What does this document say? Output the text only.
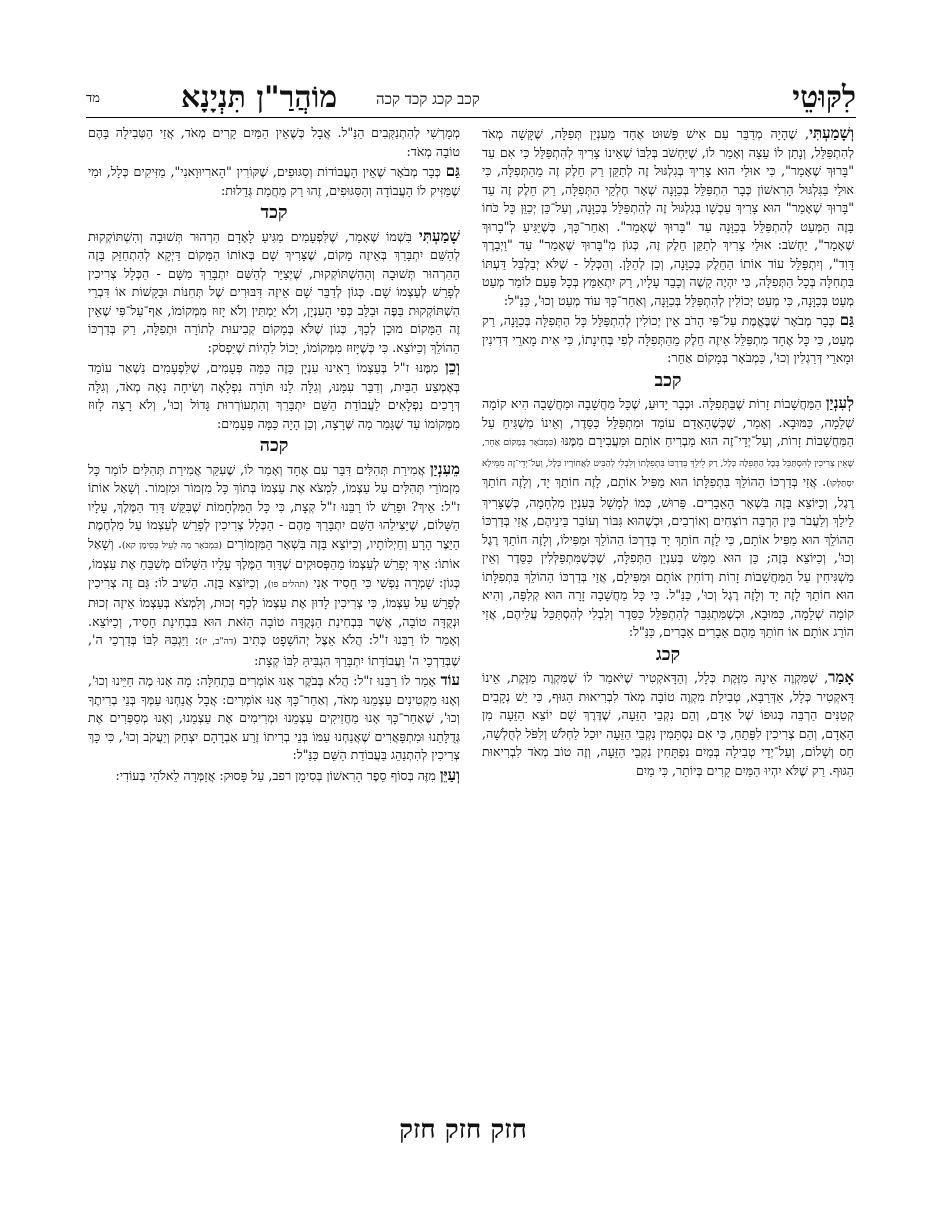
לִקּוּטֵי
קכב קכג קכד קכה
מוֹהֲרַ"ן תִּנְיָנָא
מד

וְשָׁמַעְתִּי, שֶׁהָיָה מְדַבֵּר עִם אִישׁ פָּשׁוּט אֶחָד מֵעִנְיַן תְּפִלָּה, שֶׁקָּשָׁה מְאֹד לְהִתְפַּלֵּל, וְנָתַן לוֹ עֵצָה וְאָמַר לוֹ, שֶׁיַּחְשֹׁב בְּלִבּוֹ שֶׁאֵינוֹ צָרִיךְ לְהִתְפַּלֵּל כִּי אִם עַד "בָּרוּךְ שֶׁאָמַר", כִּי אוּלַי הוּא צָרִיךְ בְּגִלְגּוּל זֶה לְתַקֵּן רַק חֵלֶק זֶה מֵהַתְּפִלָּה, כִּי אוּלַי בַּגִּלְגּוּל הָרִאשׁוֹן כְּבָר הִתְפַּלֵּל בְּכַוָּנָה שְׁאָר חֶלְקֵי הַתְּפִלָּה, רַק חֵלֶק זֶה עַד "בָּרוּךְ שֶׁאָמַר" הוּא צָרִיךְ עַכְשָׁו בְּגִלְגּוּל זֶה לְהִתְפַּלֵּל בְּכַוָּנָה, וְעַל־כֵּן יְכַוֵּן כָּל כֹּחוֹ בָּזֶה הַמְּעַט לְהִתְפַּלֵּל בְּכַוָּנָה עַד "בָּרוּךְ שֶׁאָמַר". וְאַחַר־כָּךְ, כְּשֶׁיַּגִּיעַ לְ"בָרוּךְ שֶׁאָמַר", יַחְשֹׁב: אוּלַי צָרִיךְ לְתַקֵּן חֵלֶק זֶה, כְּגוֹן מִ"בָּרוּךְ שֶׁאָמַר" עַד "וַיְבָרֶךְ דָּוִד", וְיִתְפַּלֵּל עוֹד אוֹתוֹ הַחֵלֶק בְּכַוָּנָה, וְכֵן לְהַלָּן. וְהַכְּלָל - שֶׁלֹּא יְבַלְבֵּל דַּעְתּוֹ בִּתְחִלָּה בְּכָל הַתְּפִלָּה, כִּי יִהְיֶה קָשֶׁה וְכָבֵד עָלָיו, רַק יִתְאַמֵּץ בְּכָל פַּעַם לוֹמַר מְעַט מְעַט בְּכַוָּנָה, כִּי מְעַט יְכוֹלִין לְהִתְפַּלֵּל בְּכַוָּנָה, וְאַחַר־כָּךְ עוֹד מְעַט וְכוּ', כַּנַּ"ל:

גַּם כְּבָר מְבֹאָר שֶׁבֶּאֱמֶת עַל־פִּי הָרֹב אֵין יְכוֹלִין לְהִתְפַּלֵּל כָּל הַתְּפִלָּה בְּכַוָּנָה, רַק מְעַט, כִּי כָּל אֶחָד מִתְפַּלֵּל אֵיזֶה חֵלֶק מֵהַתְּפִלָּה לְפִי בְּחִינָתוֹ, כִּי אִית מָארֵי דְּדִינִין וּמָארֵי דְּרַגְלִין וְכוּ', כַּמְבֹאָר בְּמָקוֹם אַחֵר:

קכב

לְעִנְיַן הַמַּחֲשָׁבוֹת זָרוֹת שֶׁבַּתְּפִלָּה. וּכְבָר יָדוּעַ, שֶׁכָּל מַחֲשָׁבָה וּמַחֲשָׁבָה הִיא קוֹמָה שְׁלֵמָה, כַּמּוּבָא. וְאָמַר, שֶׁכְּשֶׁהָאָדָם עוֹמֵד וּמִתְפַּלֵּל כַּסֵּדֶר, וְאֵינוֹ מַשְׁגִּיחַ עַל הַמַּחֲשָׁבוֹת זָרוֹת, וְעַל־יְדֵי־זֶה הוּא מַבְרִיחַ אוֹתָם וּמַעֲבִירָם מִמֶּנּוּ (כִּמְבֹאָר בְּמָקוֹם אַחֵר, שֶׁאֵין צְרִיכִין לְהִסְתַּכֵּל בְּכָל הַתְּפִלָּה כְּלָל, רַק לֵילֵךְ בְּדַרְכּוֹ בִּתְפִלָּתוֹ וְלִבְלִי לְהַבִּיט לַאֲחוֹרָיו כְּלָל, וְעַל־יְדֵי־זֶה מִמֵּילָא יִסְתַּלְּקוּ). אֲזַי בְּדַרְכּוֹ הַהוֹלֵךְ בִּתְפִלָּתוֹ הוּא מַפִּיל אוֹתָם, לָזֶה חוֹתֵךְ יָד, וְלָזֶה חוֹתֵךְ רֶגֶל, וְכַיּוֹצֵא בָּזֶה בִּשְׁאָר הָאֵבָרִים. פֵּרוּשׁ, כְּמוֹ לְמָשָׁל בְּעִנְיַן מִלְחָמָה, כְּשֶׁצָּרִיךְ לֵילֵךְ וְלַעֲבֹר בֵּין הַרְבֵּה רוֹצְחִים וְאוֹרְבִים, וּכְשֶׁהוּא גִּבּוֹר וְעוֹבֵר בֵּינֵיהֶם, אֲזַי בְּדַרְכּוֹ הַהוֹלֵךְ הוּא מַפִּיל אוֹתָם, כִּי לָזֶה חוֹתֵךְ יָד בְּדַרְכּוֹ הַהוֹלֵךְ וּמַפִּילוֹ, וְלָזֶה חוֹתֵךְ רֶגֶל וְכוּ', וְכַיּוֹצֵא בָּזֶה; כֵּן הוּא מַמָּשׁ בְּעִנְיַן הַתְּפִלָּה, שֶׁכְּשֶׁמִּתְפַּלְּלִין כַּסֵּדֶר וְאֵין מַשְׁגִּיחִין עַל הַמַּחֲשָׁבוֹת זָרוֹת וְדוֹחִין אוֹתָם וּמַפִּילָם, אֲזַי בְּדַרְכּוֹ הַהוֹלֵךְ בִּתְפִלָּתוֹ הוּא חוֹתֵךְ לָזֶה יָד וְלָזֶה רֶגֶל וְכוּ', כַּנַּ"ל. כִּי כָּל מַחֲשָׁבָה זָרָה הוּא קְלִפָּה, וְהִיא קוֹמָה שְׁלֵמָה, כַּמּוּבָא, וּכְשֶׁמִּתְגַּבֵּר לְהִתְפַּלֵּל כַּסֵּדֶר וְלִבְלִי לְהִסְתַּכֵּל עֲלֵיהֶם, אֲזַי הוֹרֵג אוֹתָם אוֹ חוֹתֵךְ מֵהֶם אֵבָרִים אֵבָרִים, כַּנַּ"ל:

קכג

אָמַר, שֶׁמִּקְוֶה אֵינָהּ מַזֶּקֶת כְּלָל, וְהַדָּאקְטִיר שֶׁיֹּאמַר לוֹ שֶׁמִּקְוֶה מַזֶּקֶת, אֵינוֹ דָּאקְטִיר כְּלָל, אַדְּרַבָּא, טְבִילַת מִקְוֶה טוֹבָה מְאֹד לִבְרִיאוּת הַגּוּף, כִּי יֵשׁ נְקָבִים קְטַנִּים הַרְבֵּה בְּגוּפוֹ שֶׁל אָדָם, וְהֵם נִקְבֵי הַזֵּעָה, שֶׁדֶּרֶךְ שָׁם יוֹצֵא הַזֵּעָה מִן הָאָדָם, וְהֵם צְרִיכִין לִפָּתֵחַ, כִּי אִם נִסְתָּמִין נִקְבֵי הַזֵּעָה יוּכַל לַחְלֹשׁ וְלִפֹּל לְחֻלְשָׁה, חַס וְשָׁלוֹם, וְעַל־יְדֵי טְבִילָה בְּמַיִם נִפְתָּחִין נִקְבֵי הַזֵּעָה, וְזֶה טוֹב מְאֹד לִבְרִיאוּת הַגּוּף. רַק שֶׁלֹּא יִהְיוּ הַמַּיִם קָרִים בְּיוֹתֵר, כִּי מַיִם

מְמָרְשִׁי לְהִתְנַקְּבִים הַנַּ"ל. אֲבָל כְּשֶׁאֵין הַמַּיִם קָרִים מְאֹד, אֲזַי הַטְּבִילָה בָּהֶם טוֹבָה מְאֹד:

גַּם כְּבָר מְבֹאָר שֶׁאֵין הָעֲבוֹדוֹת וְסִגּוּפִים, שֶׁקּוֹרִין "הָארִיוּוָאנִי", מַזִּיקִים כְּלָל, וּמִי שֶׁמַּזִּיק לוֹ הָעֲבוֹדָה וְהַסִּגּוּפִים, זֶהוּ רַק מֵחֲמַת גְּדֵלוּת:

קכד

שָׁמַעְתִּי בִּשְׁמוֹ שֶׁאָמַר, שֶׁלִּפְעָמִים מַגִּיעַ לָאָדָם הִרְהוּר תְּשׁוּבָה וְהִשְׁתּוֹקְקוּת לְהַשֵּׁם יִתְבָּרַךְ בְּאֵיזֶה מָקוֹם, שֶׁצָּרִיךְ שָׁם בְּאוֹתוֹ הַמָּקוֹם דַּיְקָא לְהִתְחַזֵּק בָּזֶה הַהִרְהוּר תְּשׁוּבָה וְהַהִשְׁתּוֹקְקוּת, שֶׁיְּצַיֵּר לְהַשֵּׁם יִתְבָּרַךְ מִשָּׁם - הַכְּלָל צְרִיכִין לְפָרֵשׁ לְעַצְמוֹ שָׁם. כְּגוֹן לְדַבֵּר שָׁם אֵיזֶה דִּבּוּרִים שֶׁל תְּחִנּוֹת וּבַקָּשׁוֹת אוֹ דִּבְרֵי הִשְׁתּוֹקְקוּת בַּפֶּה וּבַלֵּב כְּפִי הָעִנְיָן, וְלֹא יַמְתִּין וְלֹא יָזוּז מִמְּקוֹמוֹ, אַף־עַל־פִּי שֶׁאֵין זֶה הַמָּקוֹם מוּכָן לְכָךְ, כְּגוֹן שֶׁלֹּא בְּמָקוֹם קְבִיעוּת לְתוֹרָה וּתְפִלָּה, רַק בְּדַרְכּוֹ הַהוֹלֵךְ וְכַיּוֹצֵא. כִּי כְּשֶׁיָּזוּז מִמְּקוֹמוֹ, יָכוֹל לִהְיוֹת שֶׁיִּפְסֹק:

וְכֵן מִמֶּנּוּ ז"ל בְּעַצְמוֹ רָאִינוּ עִנְיָן כָּזֶה כַּמָּה פְּעָמִים, שֶׁלִּפְעָמִים נִשְׁאַר עוֹמֵד בְּאֶמְצַע הַבַּיִת, וְדִבֵּר עִמָּנוּ, וְגִלָּה לָנוּ תּוֹרָה נִפְלָאָה וְשִׂיחָה נָאָה מְאֹד, וְגִלָּה דְּרָכִים נִפְלָאִים לַעֲבוֹדַת הַשֵּׁם יִתְבָּרַךְ וְהִתְעוֹרְרוּת גָּדוֹל וְכוּ', וְלֹא רָצָה לָזוּז מִמְּקוֹמוֹ עַד שֶׁגָּמַר מַה שֶּׁרָצָה, וְכֵן הָיָה כַּמָּה פְּעָמִים:

קכה

מֵעִנְיַן אֲמִירַת תְּהִלִּים דִּבֵּר עִם אֶחָד וְאָמַר לוֹ, שֶׁעִקַּר אֲמִירַת תְּהִלִּים לוֹמַר כָּל מִזְמוֹרֵי תְּהִלִּים עַל עַצְמוֹ, לִמְצֹא אֶת עַצְמוֹ בְּתוֹךְ כָּל מִזְמוֹר וּמִזְמוֹר. וְשָׁאַל אוֹתוֹ ז"ל: אֵיךְ? וּפֵרַשׁ לוֹ רַבֵּנוּ ז"ל קְצָת, כִּי כָּל הַמִּלְחָמוֹת שֶׁבִּקֵּשׁ דָּוִד הַמֶּלֶךְ, עָלָיו הַשָּׁלוֹם, שֶׁיַּצִּילֵהוּ הַשֵּׁם יִתְבָּרַךְ מֵהֶם - הַכְּלָל צְרִיכִין לְפָרֵשׁ לְעַצְמוֹ עַל מִלְחֶמֶת הַיֵּצֶר הָרָע וְחַיְלוֹתָיו, וְכַיּוֹצֵא בָּזֶה בִּשְׁאָר הַמִּזְמוֹרִים (כִּמְבֹאָר מַה לְּעֵיל בְּסִימָן קא). וְשָׁאַל אוֹתוֹ: אֵיךְ יְפָרֵשׁ לְעַצְמוֹ מֵהַפְּסוּקִים שֶׁדָּוִד הַמֶּלֶךְ עָלָיו הַשָּׁלוֹם מְשַׁבֵּחַ אֶת עַצְמוֹ, כְּגוֹן: שָׁמְרָה נַפְשִׁי כִּי חָסִיד אָנִי (תהלים פו), וְכַיּוֹצֵא בָּזֶה. הֵשִׁיב לוֹ: גַּם זֶה צְרִיכִין לְפָרֵשׁ עַל עַצְמוֹ, כִּי צְרִיכִין לָדוּן אֶת עַצְמוֹ לְכַף זְכוּת, וְלִמְצֹא בְּעַצְמוֹ אֵיזֶה זְכוּת וּנְקֻדָּה טוֹבָה, אֲשֶׁר בִּבְחִינַת הַנְּקֻדָּה טוֹבָה הַזֹּאת הוּא בִּבְחִינַת חָסִיד, וְכַיּוֹצֵא. וְאָמַר לוֹ רַבֵּנוּ ז"ל: הֲלֹא אֵצֶל יְהוֹשָׁפָט כְּתִיב (דה"ב, יז): וַיִּגְבַּהּ לִבּוֹ בְּדַרְכֵי ה', שֶׁבְּדַרְכֵי ה' וַעֲבוֹדָתוֹ יִתְבָּרַךְ הִגְבִּיהַּ לִבּוֹ קְצָת:

עוֹד אָמַר לוֹ רַבֵּנוּ ז"ל: הֲלֹא בְּבֹקֶר אָנוּ אוֹמְרִים בִּתְחִלָּה: מָה אָנוּ מֶה חַיֵּינוּ וְכוּ', וְאָנוּ מַקְטִינִים עַצְמֵנוּ מְאֹד, וְאַחַר־כָּךְ אָנוּ אוֹמְרִים: אֲבָל אֲנַחְנוּ עַמְּךָ בְּנֵי בְרִיתֶךָ וְכוּ', שֶׁאַחַר־כָּךְ אָנוּ מַחֲזִיקִים עַצְמֵנוּ וּמְרִימִים אֶת עַצְמֵנוּ, וְאָנוּ מְסַפְּרִים אֶת גְּדֻלָּתֵנוּ וּמִתְפָּאֲרִים שֶׁאֲנַחְנוּ עַמּוֹ בְּנֵי בְרִיתוֹ זֶרַע אַבְרָהָם יִצְחָק וְיַעֲקֹב וְכוּ', כִּי כָּךְ צְרִיכִין לְהִתְנַהֵג בַּעֲבוֹדַת הַשֵּׁם כַּנַּ"ל:

וְעַיֵּן מִזֶּה בְּסוֹף סֵפֶר הָרִאשׁוֹן בְּסִימָן רפב, עַל פָּסוּק: אֲזַמְּרָה לֵאלֹהַי בְּעוֹדִי:

חזק חזק חזק
